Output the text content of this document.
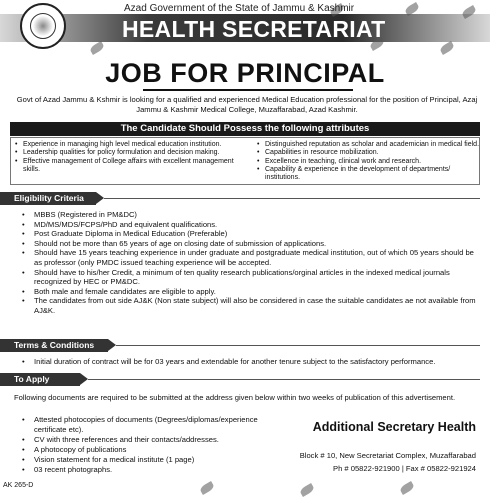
Azad Government of the State of Jammu & Kashmir
HEALTH SECRETARIAT
JOB FOR PRINCIPAL
Govt of Azad Jammu & Kshmir is looking for a qualified and experienced Medical Education professional for the position of Principal, Azaj Jammu & Kashmir Medical College, Muzaffarabad, Azad Kashmir.
The Candidate Should Possess the following attributes
• Experience in managing high level medical education institution.
• Leadership qualities for policy formulation and decision making.
• Effective management of College affairs with excellent management skills.
• Distinguished reputation as scholar and academician in medical field.
• Capabilities in resource mobilization.
• Excellence in teaching, clinical work and research.
• Capability & experience in the development of departments/ institutions.
Eligibility Criteria
• MBBS (Registered in PM&DC)
• MD/MS/MDS/FCPS/PhD and equivalent qualifications.
• Post Graduate Diploma in Medical Education (Preferable)
• Should not be more than 65 years of age on closing date of submission of applications.
• Should have 15 years teaching experience in under graduate and postgraduate medical institution, out of which 05 years should be as professor (only PMDC issued teaching experience will be accepted.
• Should have to his/her Credit, a minimum of ten quality research publications/orginal articles in the indexed medical journals recognized by HEC or PM&DC.
• Both male and female candidates are eligible to apply.
• The candidates from out side AJ&K (Non state subject) will also be considered in case the suitable candidates ae not available from AJ&K.
Terms & Conditions
• Initial duration of contract will be for 03 years and extendable for another tenure subject to the satisfactory performance.
To Apply
Following documents are required to be submitted at the address given below within two weeks of publication of this advertisement.
• Attested photocopies of documents (Degrees/diplomas/experience certificate etc).
• CV with three references and their contacts/addresses.
• A photocopy of publications
• Vision statement for a medical institute (1 page)
• 03 recent photographs.
Additional Secretary Health
Block # 10, New Secretariat Complex, Muzaffarabad
Ph # 05822-921900 | Fax # 05822-921924
AK 265-D
